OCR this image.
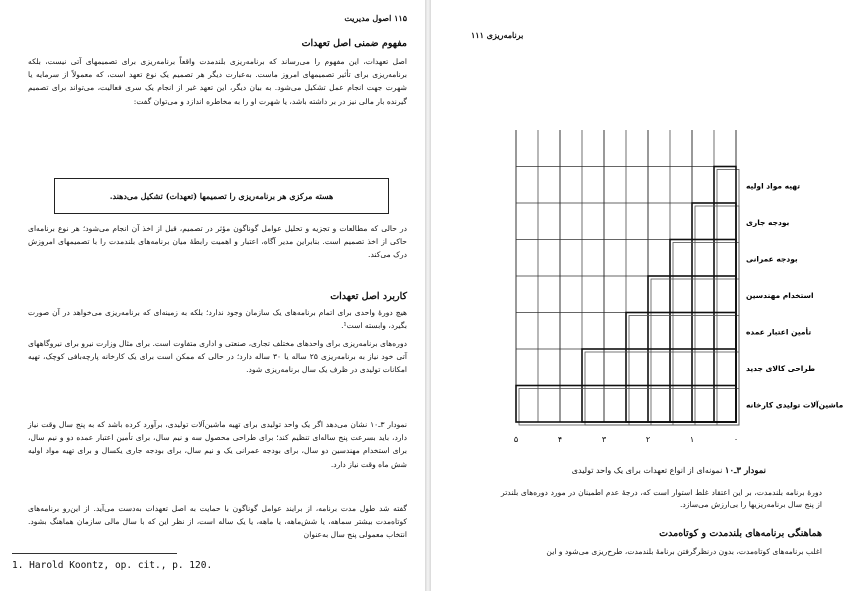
۱۱۵ اصول مدیریت
مفهوم ضمنی اصل تعهدات
اصل تعهدات، این مفهوم را می‌رساند که برنامه‌ریزی بلندمدت واقعاً برنامه‌ریزی برای تصمیمهای آتی نیست، بلکه برنامه‌ریزی برای تأثیر تصمیمهای امروز ماست. به‌عبارت دیگر هر تصمیم یک نوع تعهد است، که معمولاً از سرمایه یا شهرت جهت انجام عمل تشکیل می‌شود. به بیان دیگر، این تعهد غیر از انجام یک سری فعالیت، می‌تواند برای تصمیم گیرنده بار مالی نیز در بر داشته باشد، یا شهرت او را به مخاطره اندازد و می‌توان گفت:
هسته مرکزی هر برنامه‌ریزی را تصمیمها (تعهدات) تشکیل می‌دهند.
در حالی که مطالعات و تجزیه و تحلیل عوامل گوناگون مؤثر در تصمیم، قبل از اخذ آن انجام می‌شود؛ هر نوع برنامه‌ای حاکی از اخذ تصمیم است. بنابراین مدیر آگاه، اعتبار و اهمیت رابطهٔ میان برنامه‌های بلندمدت را با تصمیمهای امروزش درک می‌کند.
کاربرد اصل تعهدات
هیچ دورهٔ واحدی برای اتمام برنامه‌های یک سازمان وجود ندارد؛ بلکه به زمینه‌ای که برنامه‌ریزی می‌خواهد در آن صورت بگیرد، وابسته است¹.
دوره‌های برنامه‌ریزی برای واحدهای مختلف تجاری، صنعتی و اداری متفاوت است. برای مثال وزارت نیرو برای نیروگاههای آتی خود نیاز به برنامه‌ریزی ۲۵ ساله یا ۳۰ ساله دارد؛ در حالی که ممکن است برای یک کارخانه پارچه‌بافی کوچک، تهیه امکانات تولیدی در ظرف یک سال برنامه‌ریزی شود.
نمودار ۳ـ۱۰ نشان می‌دهد اگر یک واحد تولیدی برای تهیه ماشین‌آلات تولیدی، برآورد کرده باشد که به پنج سال وقت نیاز دارد، باید بسرعت پنج ساله‌ای تنظیم کند؛ برای طراحی محصول سه و نیم سال، برای تأمین اعتبار عمده دو و نیم سال، برای استخدام مهندسین دو سال، برای بودجه عمرانی یک و نیم سال، برای بودجه جاری یکسال و برای تهیه مواد اولیه شش ماه وقت نیاز دارد.
گفته شد طول مدت برنامه، از برایند عوامل گوناگون با حمایت به اصل تعهدات به‌دست می‌آید. از این‌رو برنامه‌های کوتاه‌مدت بیشتر سماهه، یا شش‌ماهه، یا ماهه، یا یک ساله است، از نظر این که با سال مالی سازمان هماهنگ بشود. انتخاب معمولی پنج سال به‌عنوان
1. Harold Koontz, op. cit., p. 120.
برنامه‌ریزی ۱۱۱
تهیه مواد اولیه
بودجه جاری
بودجه عمرانی
استخدام مهندسین
تأمین اعتبار عمده
طراحی کالای جدید
ماشین‌آلات تولیدی کارخانه
۵	۴	۳	۲	۱	۰
نمودار ۳ـ۱۰ نمونه‌ای از انواع تعهدات برای یک واحد تولیدی
دورهٔ برنامه بلندمدت، بر این اعتقاد غلط استوار است که، درجهٔ عدم اطمینان در مورد دوره‌های بلندتر از پنج سال برنامه‌ریزیها را بی‌ارزش می‌سازد.
هماهنگی برنامه‌های بلندمدت و کوتاه‌مدت
اغلب برنامه‌های کوتاه‌مدت، بدون درنظرگرفتن برنامهٔ بلندمدت، طرح‌ریزی می‌شود و این
